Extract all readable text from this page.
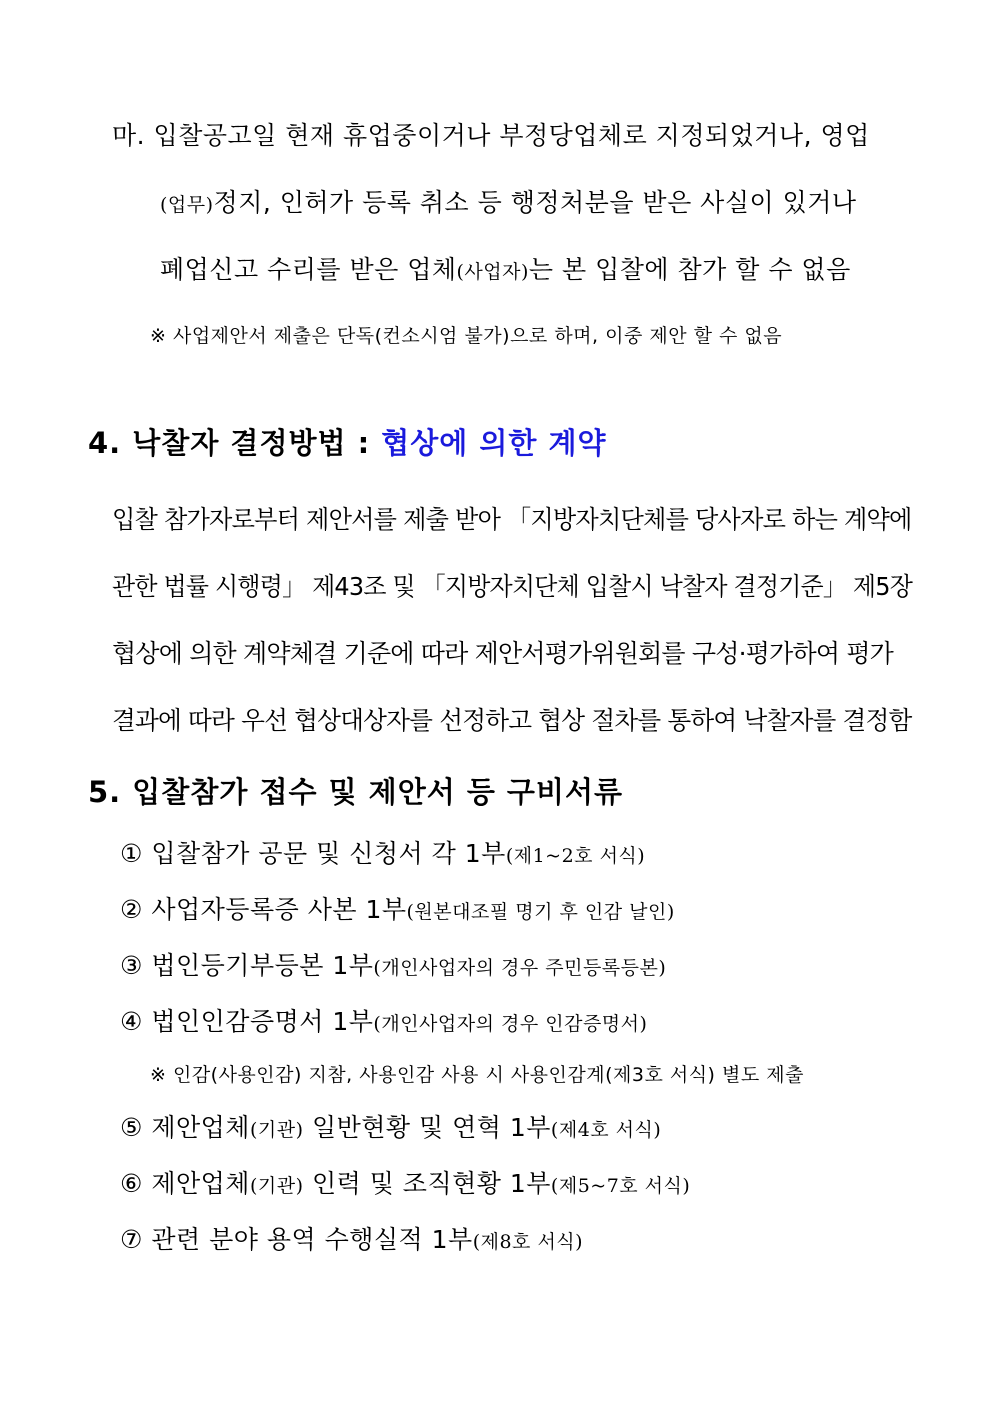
마. 입찰공고일 현재 휴업중이거나 부정당업체로 지정되었거나, 영업
(업무)정지, 인허가 등록 취소 등 행정처분을 받은 사실이 있거나
폐업신고 수리를 받은 업체(사업자)는 본 입찰에 참가 할 수 없음
※ 사업제안서 제출은 단독(컨소시엄 불가)으로 하며, 이중 제안 할 수 없음
4. 낙찰자 결정방법 : 협상에 의한 계약
입찰 참가자로부터 제안서를 제출 받아 「지방자치단체를 당사자로 하는 계약에
관한 법률 시행령」 제43조 및 「지방자치단체 입찰시 낙찰자 결정기준」 제5장
협상에 의한 계약체결 기준에 따라 제안서평가위원회를 구성·평가하여 평가
결과에 따라 우선 협상대상자를 선정하고 협상 절차를 통하여 낙찰자를 결정함
5. 입찰참가 접수 및 제안서 등 구비서류
① 입찰참가 공문 및 신청서 각 1부(제1~2호 서식)
② 사업자등록증 사본 1부(원본대조필 명기 후 인감 날인)
③ 법인등기부등본 1부(개인사업자의 경우 주민등록등본)
④ 법인인감증명서 1부(개인사업자의 경우 인감증명서)
※ 인감(사용인감) 지참, 사용인감 사용 시 사용인감계(제3호 서식) 별도 제출
⑤ 제안업체(기관) 일반현황 및 연혁 1부(제4호 서식)
⑥ 제안업체(기관) 인력 및 조직현황 1부(제5~7호 서식)
⑦ 관련 분야 용역 수행실적 1부(제8호 서식)
